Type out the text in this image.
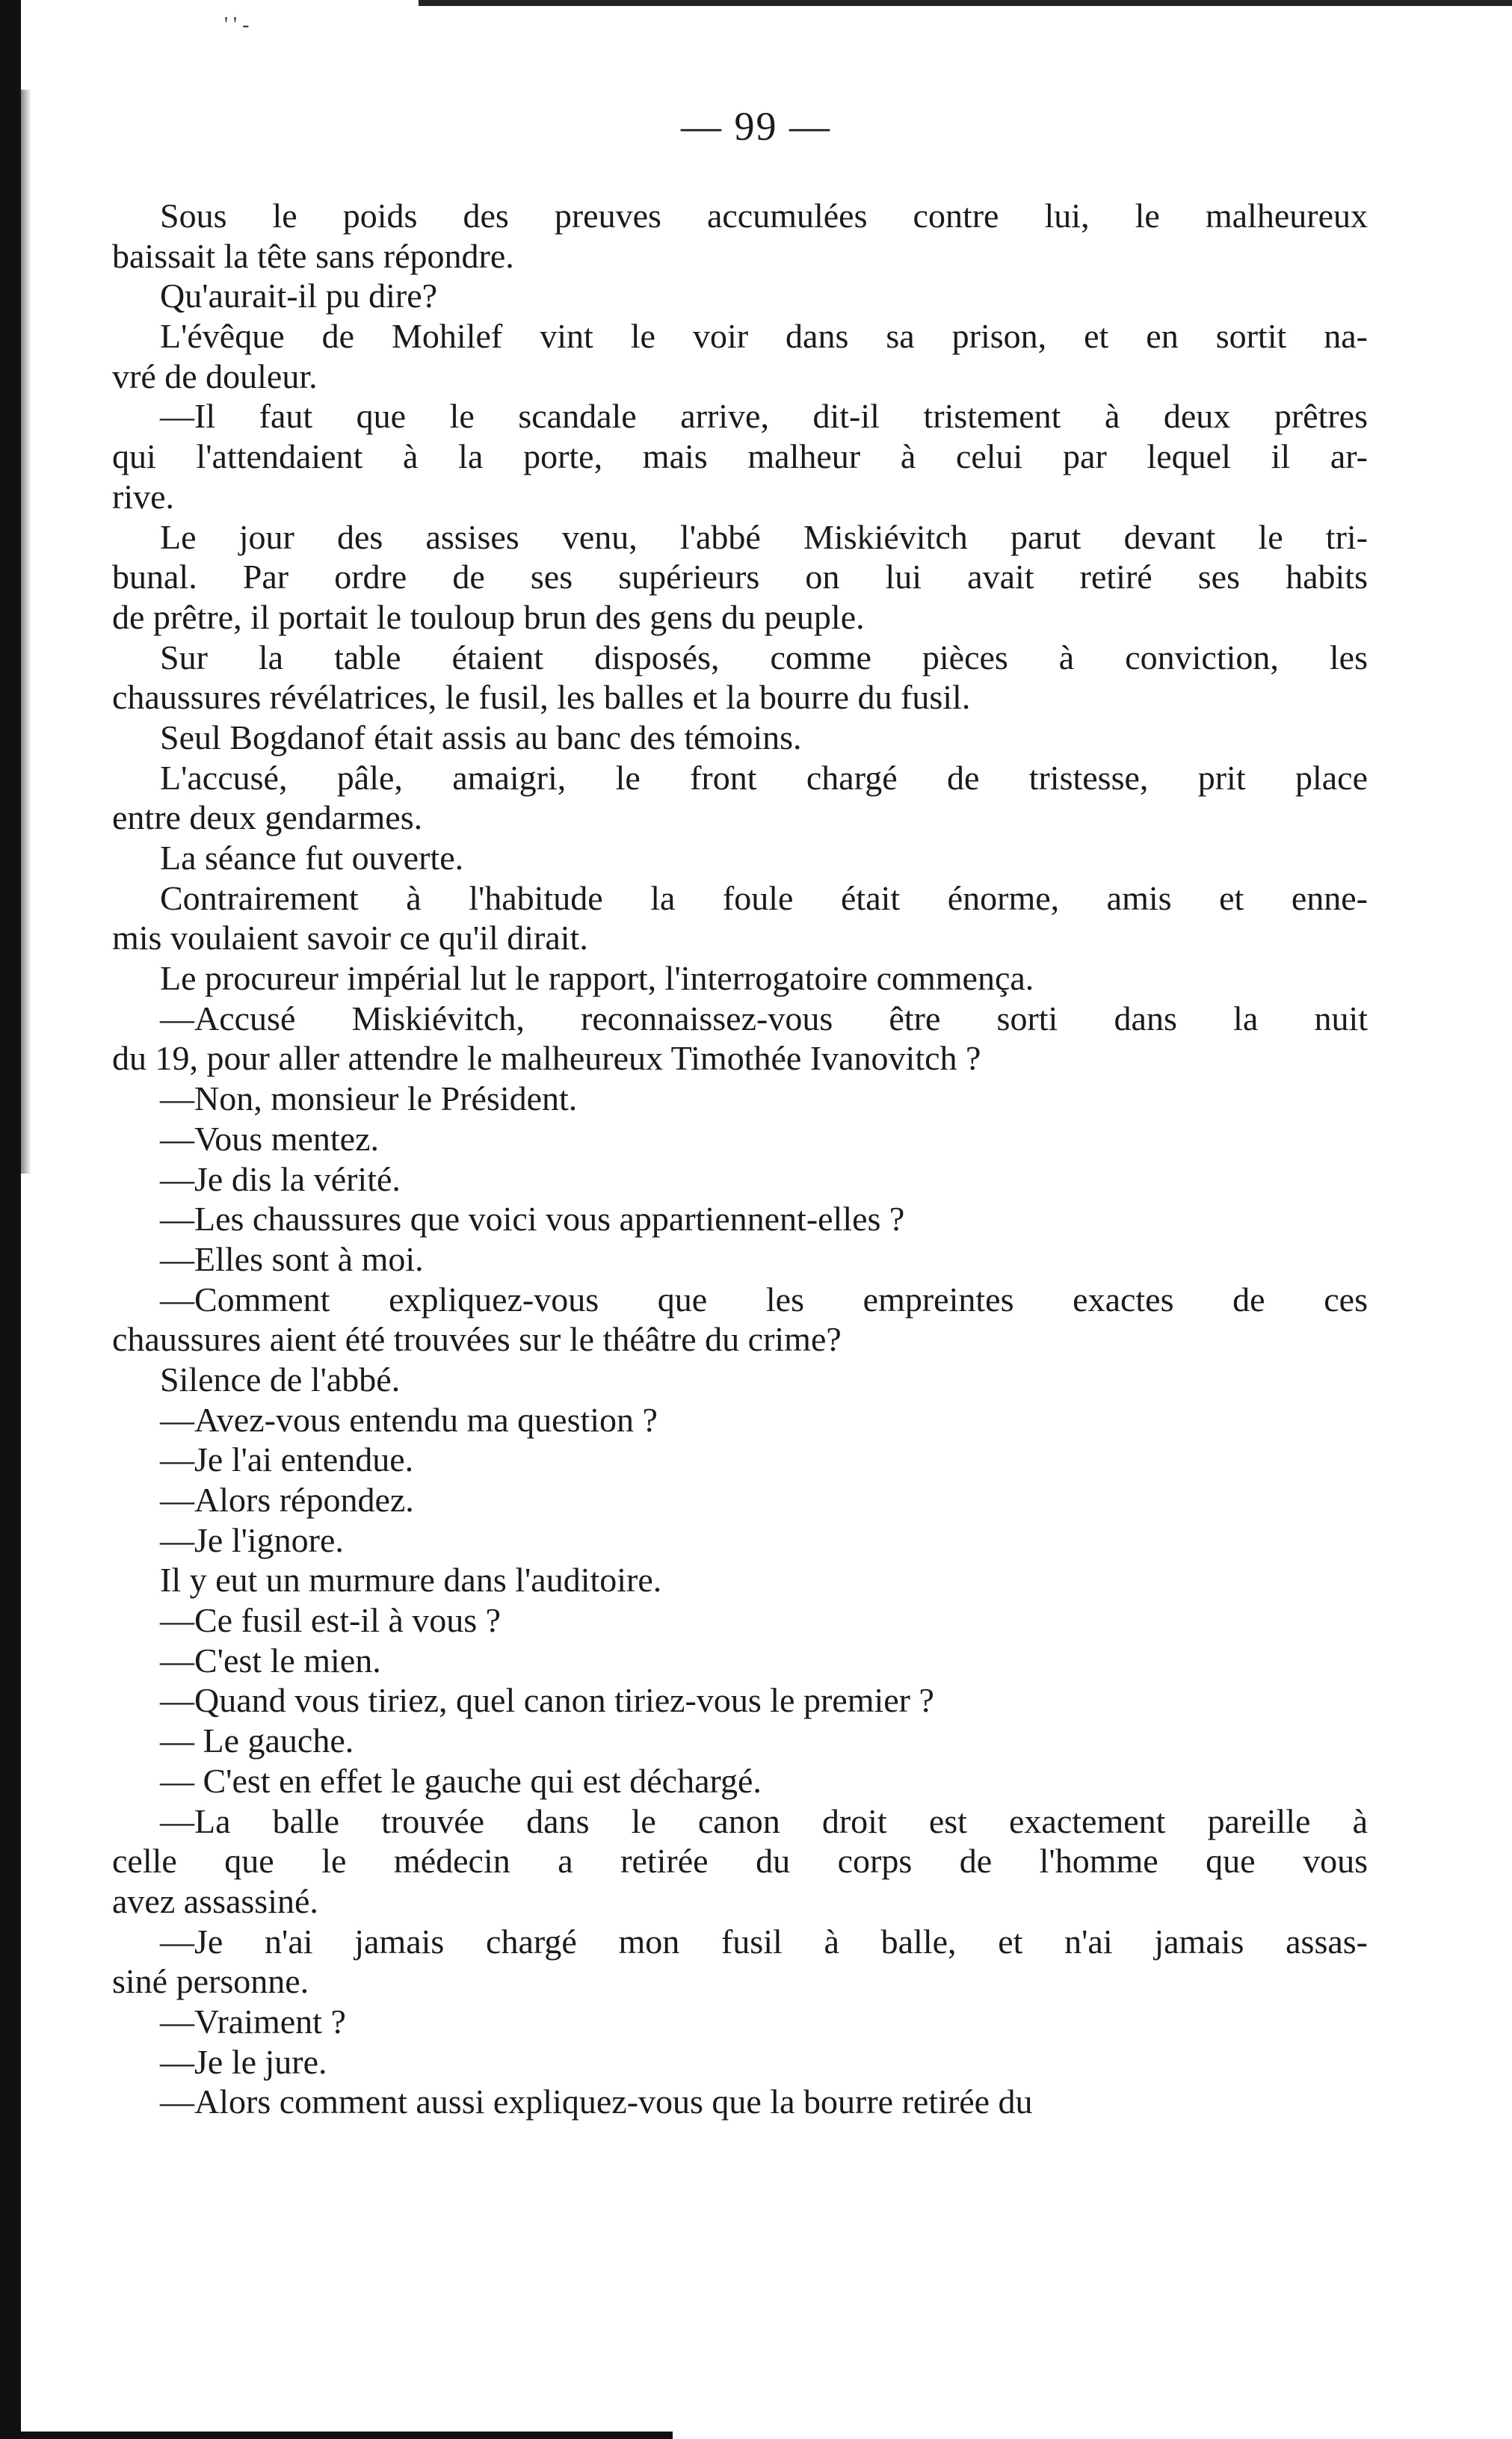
' ' -
— 99 —
Sous le poids des preuves accumulées contre lui, le malheureux
baissait la tête sans répondre.
Qu'aurait-il pu dire?
L'évêque de Mohilef vint le voir dans sa prison, et en sortit na-
vré de douleur.
—Il faut que le scandale arrive, dit-il tristement à deux prêtres
qui l'attendaient à la porte, mais malheur à celui par lequel il ar-
rive.
Le jour des assises venu, l'abbé Miskiévitch parut devant le tri-
bunal. Par ordre de ses supérieurs on lui avait retiré ses habits
de prêtre, il portait le touloup brun des gens du peuple.
Sur la table étaient disposés, comme pièces à conviction, les
chaussures révélatrices, le fusil, les balles et la bourre du fusil.
Seul Bogdanof était assis au banc des témoins.
L'accusé, pâle, amaigri, le front chargé de tristesse, prit place
entre deux gendarmes.
La séance fut ouverte.
Contrairement à l'habitude la foule était énorme, amis et enne-
mis voulaient savoir ce qu'il dirait.
Le procureur impérial lut le rapport, l'interrogatoire commença.
—Accusé Miskiévitch, reconnaissez-vous être sorti dans la nuit
du 19, pour aller attendre le malheureux Timothée Ivanovitch ?
—Non, monsieur le Président.
—Vous mentez.
—Je dis la vérité.
—Les chaussures que voici vous appartiennent-elles ?
—Elles sont à moi.
—Comment expliquez-vous que les empreintes exactes de ces
chaussures aient été trouvées sur le théâtre du crime?
Silence de l'abbé.
—Avez-vous entendu ma question ?
—Je l'ai entendue.
—Alors répondez.
—Je l'ignore.
Il y eut un murmure dans l'auditoire.
—Ce fusil est-il à vous ?
—C'est le mien.
—Quand vous tiriez, quel canon tiriez-vous le premier ?
— Le gauche.
— C'est en effet le gauche qui est déchargé.
—La balle trouvée dans le canon droit est exactement pareille à
celle que le médecin a retirée du corps de l'homme que vous
avez assassiné.
—Je n'ai jamais chargé mon fusil à balle, et n'ai jamais assas-
siné personne.
—Vraiment ?
—Je le jure.
—Alors comment aussi expliquez-vous que la bourre retirée du
